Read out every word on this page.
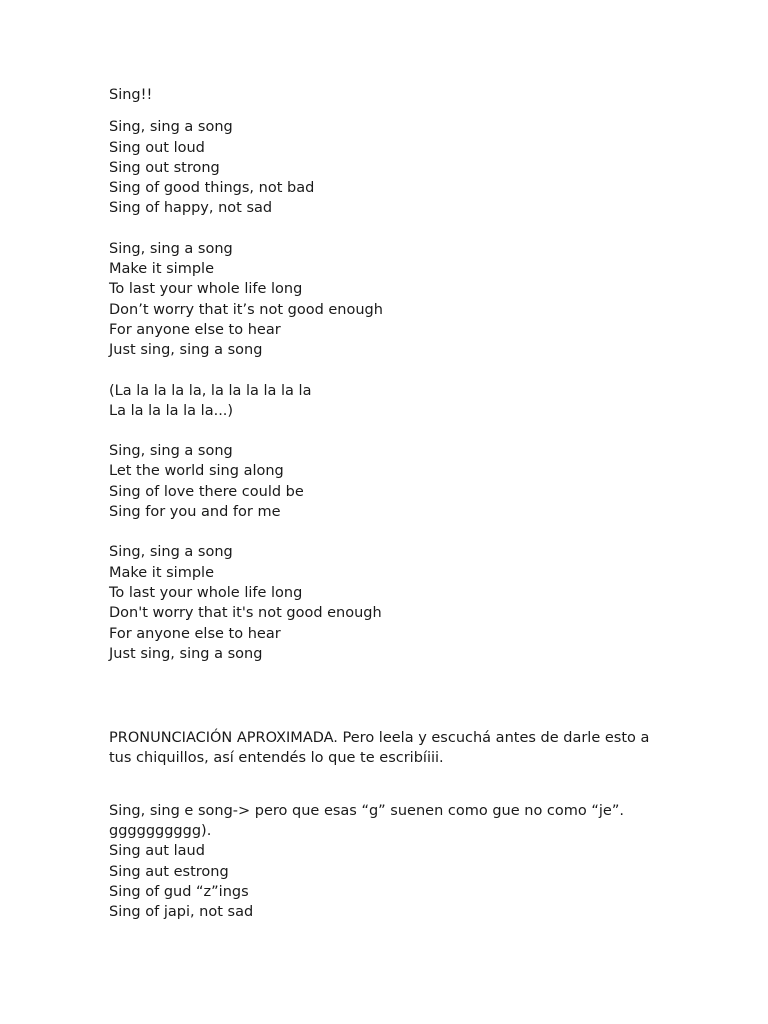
Sing!!
Sing, sing a song
Sing out loud
Sing out strong
Sing of good things, not bad
Sing of happy, not sad
Sing, sing a song
Make it simple
To last your whole life long
Don’t worry that it’s not good enough
For anyone else to hear
Just sing, sing a song
(La la la la la, la la la la la la
La la la la la la...)
Sing, sing a song
Let the world sing along
Sing of love there could be
Sing for you and for me
Sing, sing a song
Make it simple
To last your whole life long
Don't worry that it's not good enough
For anyone else to hear
Just sing, sing a song
PRONUNCIACIÓN APROXIMADA. Pero leela y escuchá antes de darle esto a tus chiquillos, así entendés lo que te escribíiii.
Sing, sing e song-> pero que esas “g” suenen como gue no como “je”. gggggggggg).
Sing aut laud
Sing aut estrong
Sing of gud “z”ings
Sing of japi, not sad
